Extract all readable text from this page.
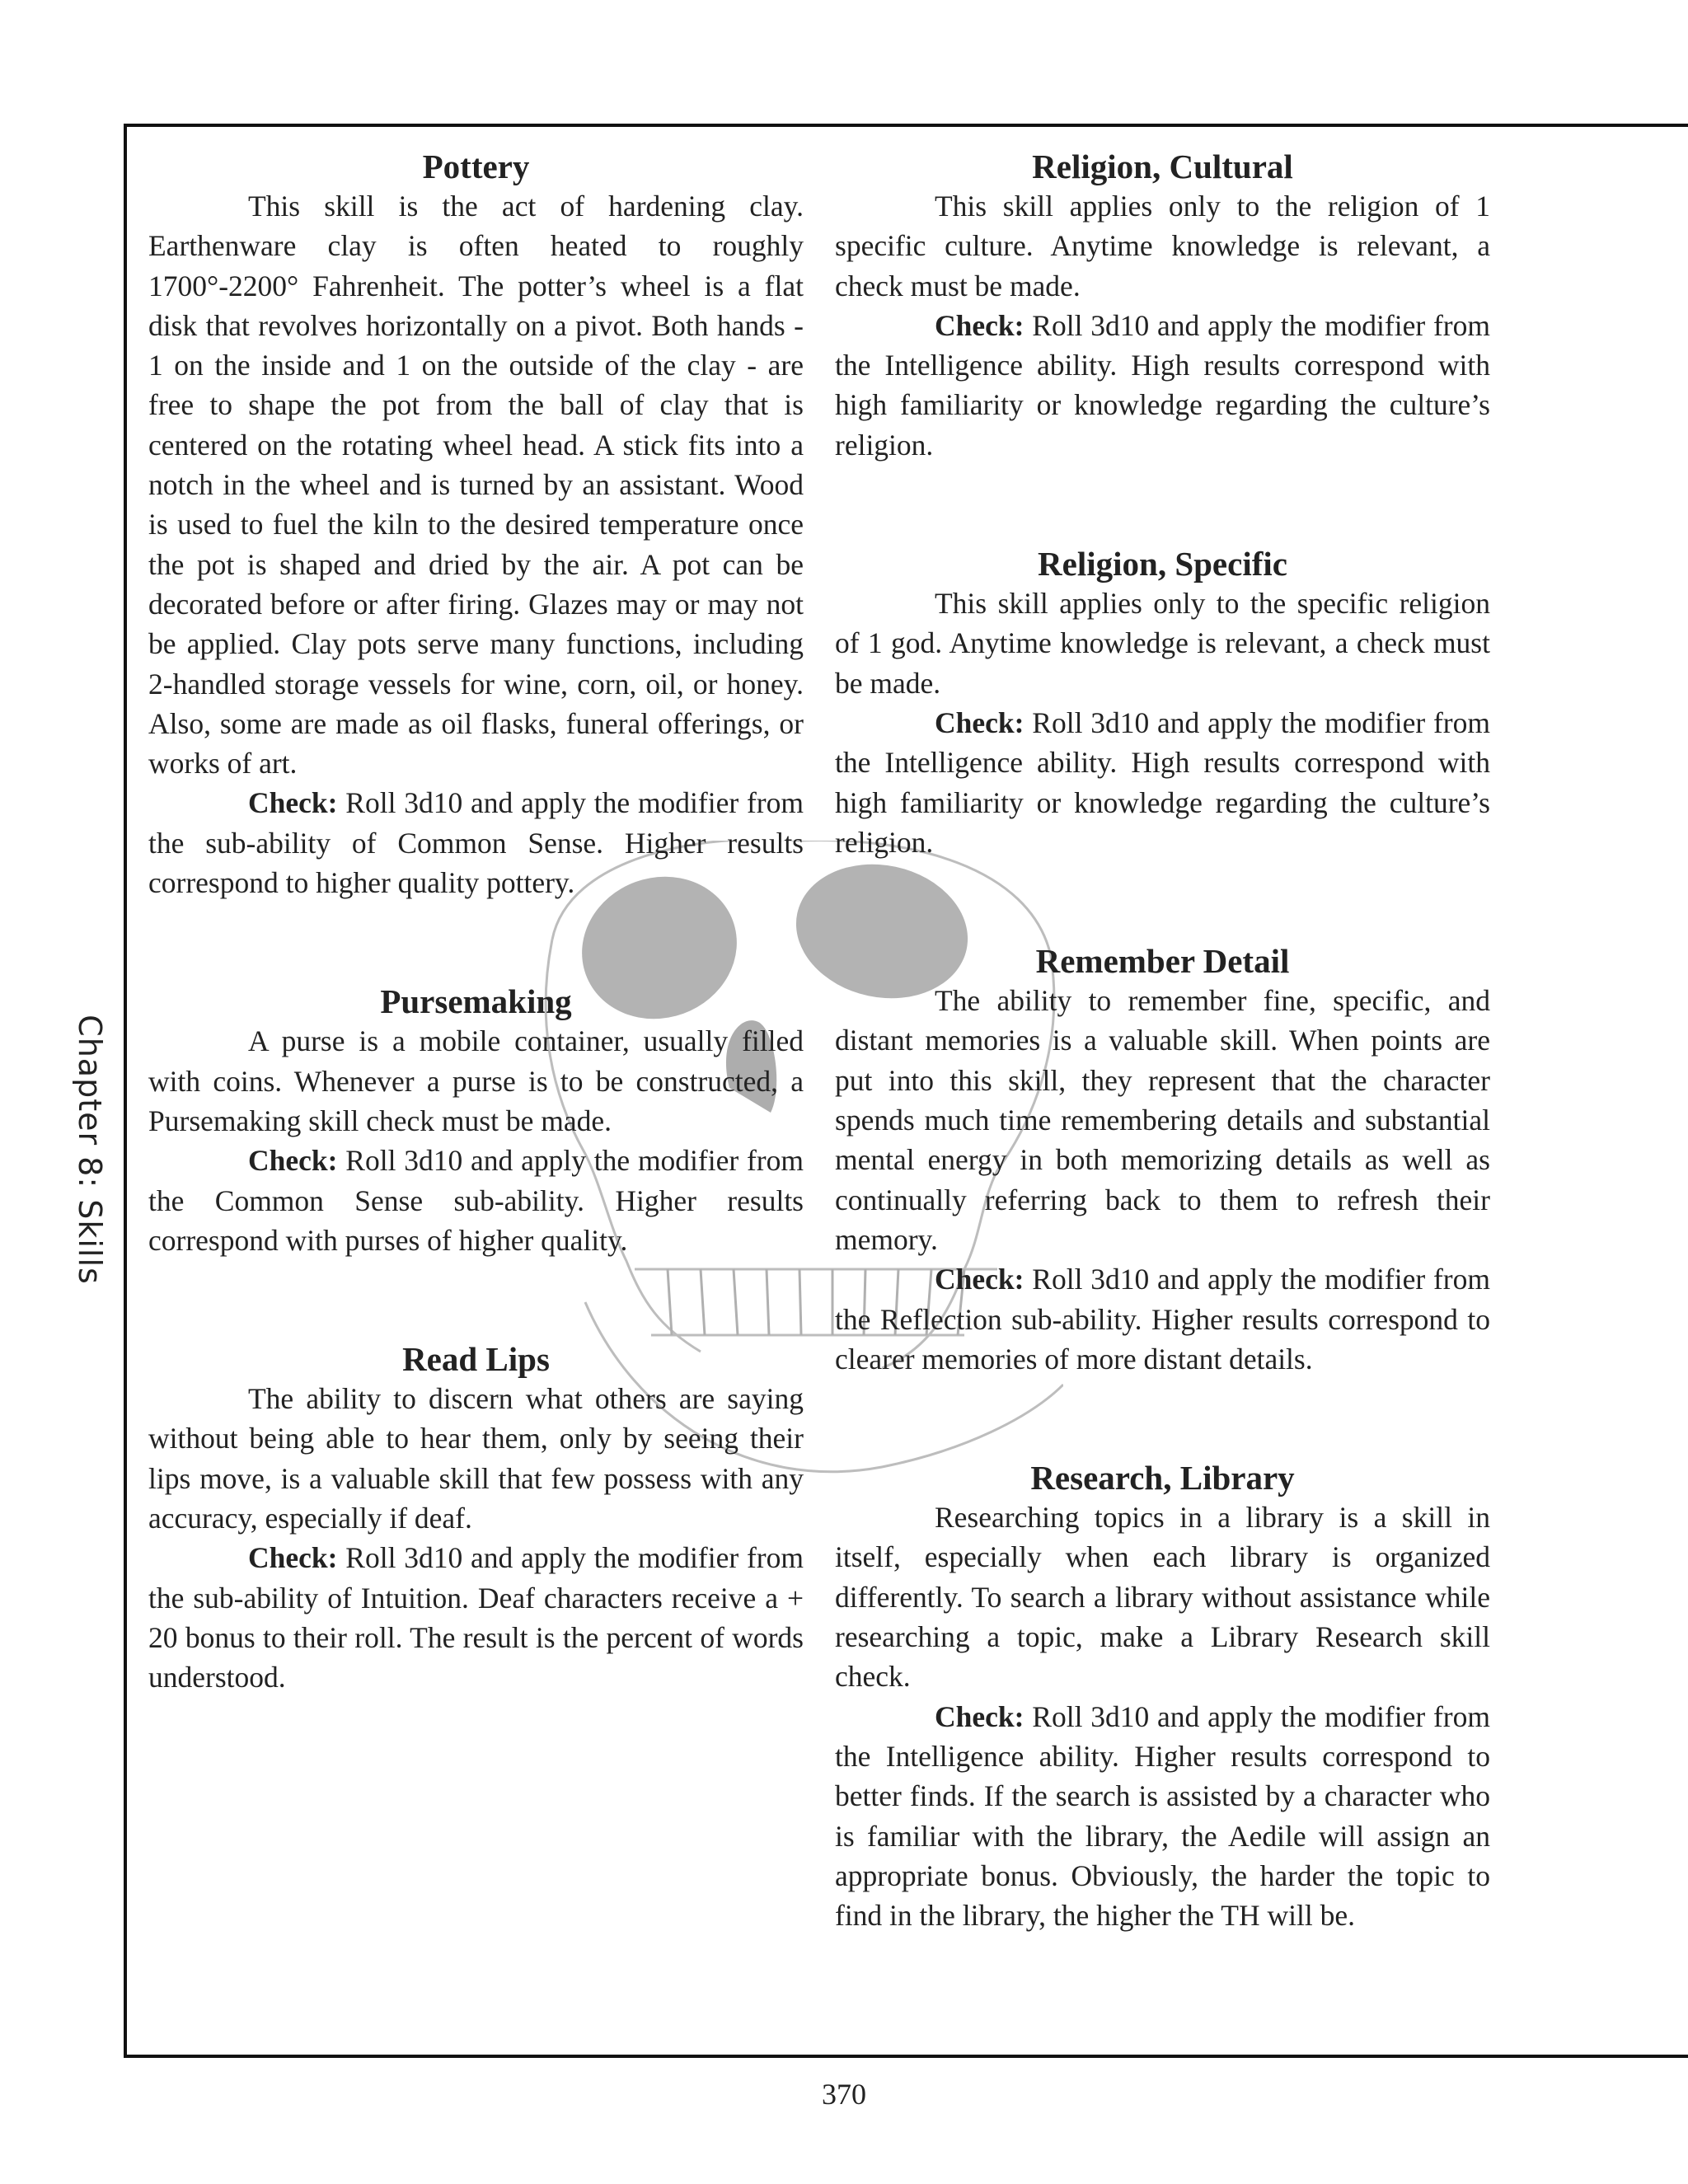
Chapter 8: Skills
Pottery

This skill is the act of hardening clay. Earthenware clay is often heated to roughly 1700°-2200° Fahrenheit. The potter’s wheel is a flat disk that revolves horizontally on a pivot. Both hands - 1 on the inside and 1 on the outside of the clay - are free to shape the pot from the ball of clay that is centered on the rotating wheel head. A stick fits into a notch in the wheel and is turned by an assistant. Wood is used to fuel the kiln to the desired temperature once the pot is shaped and dried by the air. A pot can be decorated before or after firing. Glazes may or may not be applied. Clay pots serve many functions, including 2-handled storage vessels for wine, corn, oil, or honey. Also, some are made as oil flasks, funeral offerings, or works of art.

Check: Roll 3d10 and apply the modifier from the sub-ability of Common Sense. Higher results correspond to higher quality pottery.

Pursemaking

A purse is a mobile container, usually filled with coins. Whenever a purse is to be constructed, a Pursemaking skill check must be made.

Check: Roll 3d10 and apply the modifier from the Common Sense sub-ability. Higher results correspond with purses of higher quality.

Read Lips

The ability to discern what others are saying without being able to hear them, only by seeing their lips move, is a valuable skill that few possess with any accuracy, especially if deaf.

Check: Roll 3d10 and apply the modifier from the sub-ability of Intuition. Deaf characters receive a + 20 bonus to their roll. The result is the percent of words understood.

Religion, Cultural

This skill applies only to the religion of 1 specific culture. Anytime knowledge is relevant, a check must be made.

Check: Roll 3d10 and apply the modifier from the Intelligence ability. High results correspond with high familiarity or knowledge regarding the culture’s religion.

Religion, Specific

This skill applies only to the specific religion of 1 god. Anytime knowledge is relevant, a check must be made.

Check: Roll 3d10 and apply the modifier from the Intelligence ability. High results correspond with high familiarity or knowledge regarding the culture’s religion.

Remember Detail

The ability to remember fine, specific, and distant memories is a valuable skill. When points are put into this skill, they represent that the character spends much time remembering details and substantial mental energy in both memorizing details as well as continually referring back to them to refresh their memory.

Check: Roll 3d10 and apply the modifier from the Reflection sub-ability. Higher results correspond to clearer memories of more distant details.

Research, Library

Researching topics in a library is a skill in itself, especially when each library is organized differently. To search a library without assistance while researching a topic, make a Library Research skill check.

Check: Roll 3d10 and apply the modifier from the Intelligence ability. Higher results correspond to better finds. If the search is assisted by a character who is familiar with the library, the Aedile will assign an appropriate bonus. Obviously, the harder the topic to find in the library, the higher the TH will be.

370
